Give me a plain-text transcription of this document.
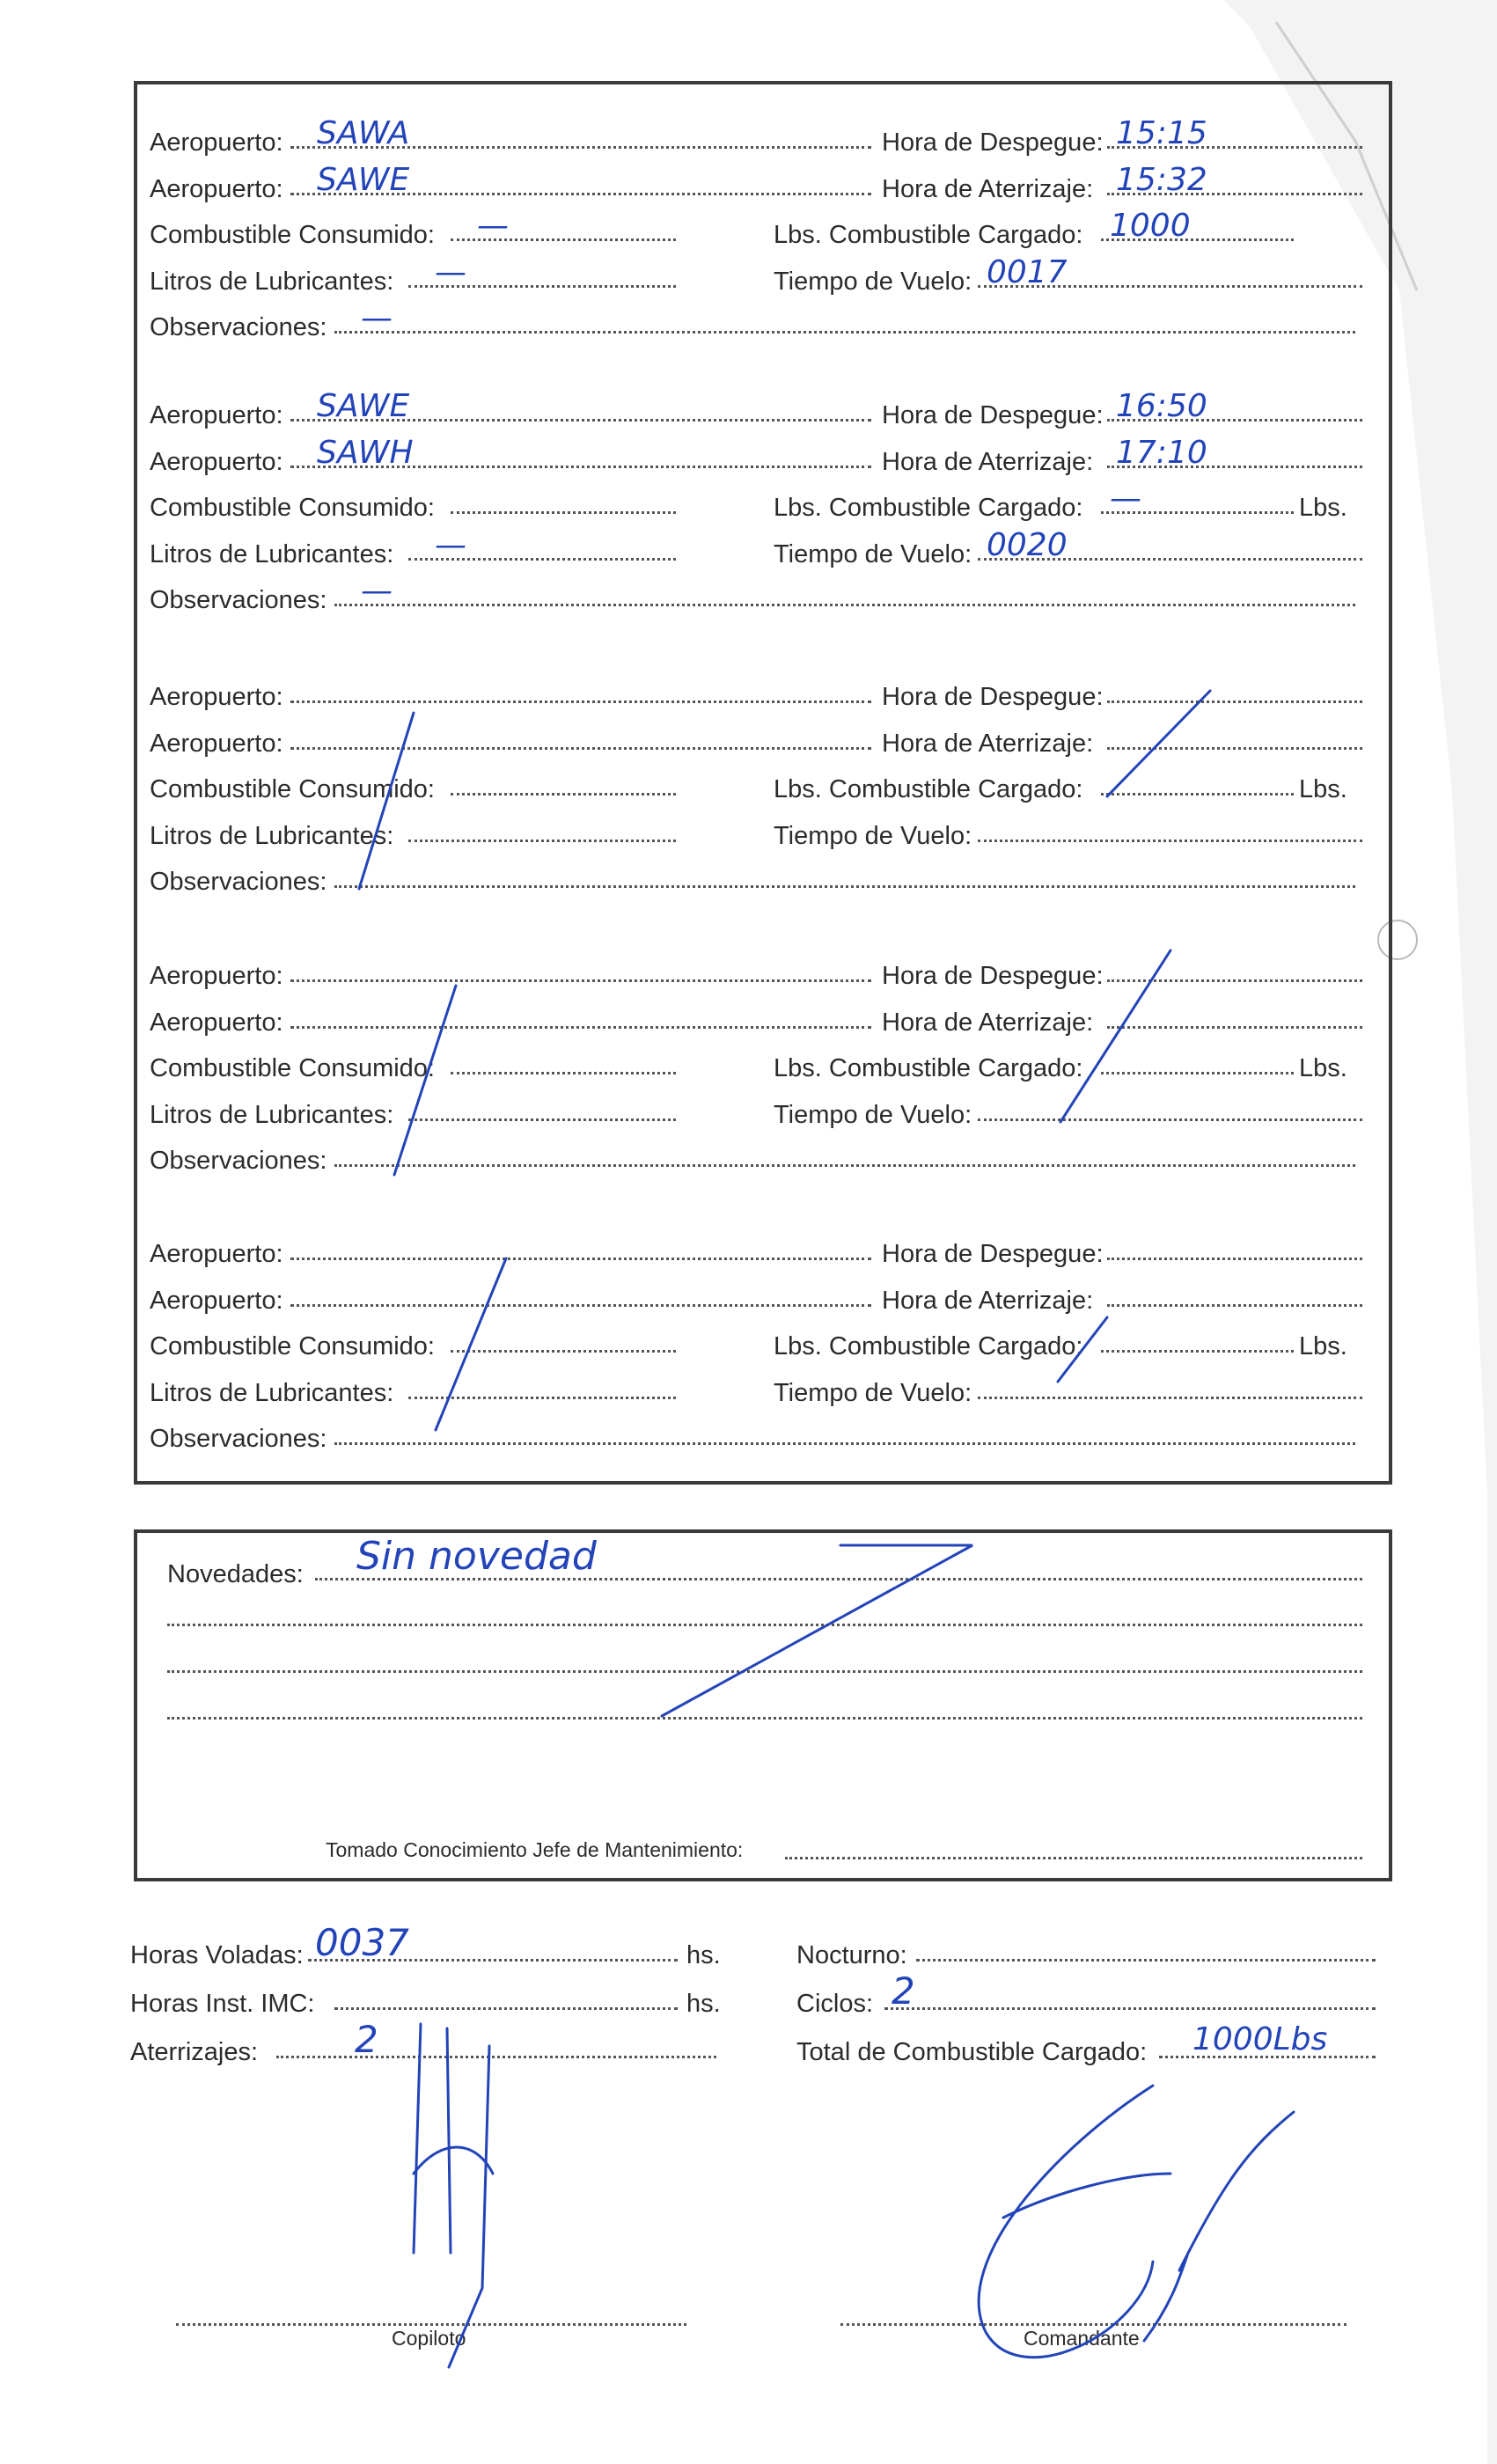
Aeropuerto: SAWA	Hora de Despegue: 15:15
Aeropuerto: SAWE	Hora de Aterrizaje: 15:32
Combustible Consumido: —	Lbs. Combustible Cargado: 1000
Litros de Lubricantes: —	Tiempo de Vuelo: 0017
Observaciones: —
Aeropuerto: SAWE	Hora de Despegue: 16:50
Aeropuerto: SAWH	Hora de Aterrizaje: 17:10
Combustible Consumido:	Lbs. Combustible Cargado: —	Lbs.
Litros de Lubricantes: —	Tiempo de Vuelo: 0020
Observaciones: —
Aeropuerto:	Hora de Despegue:
Aeropuerto:	Hora de Aterrizaje:
Combustible Consumido:	Lbs. Combustible Cargado:	Lbs.
Litros de Lubricantes:	Tiempo de Vuelo:
Observaciones:
Aeropuerto:	Hora de Despegue:
Aeropuerto:	Hora de Aterrizaje:
Combustible Consumido:	Lbs. Combustible Cargado:	Lbs.
Litros de Lubricantes:	Tiempo de Vuelo:
Observaciones:
Aeropuerto:	Hora de Despegue:
Aeropuerto:	Hora de Aterrizaje:
Combustible Consumido:	Lbs. Combustible Cargado:	Lbs.
Litros de Lubricantes:	Tiempo de Vuelo:
Observaciones:
Novedades: Sin novedad
Tomado Conocimiento Jefe de Mantenimiento:
Horas Voladas: 0037	hs.
Horas Inst. IMC:	hs.
Aterrizajes:	2
Nocturno:
Ciclos: 2
Total de Combustible Cargado: 1000Lbs
Copiloto	Comandante
